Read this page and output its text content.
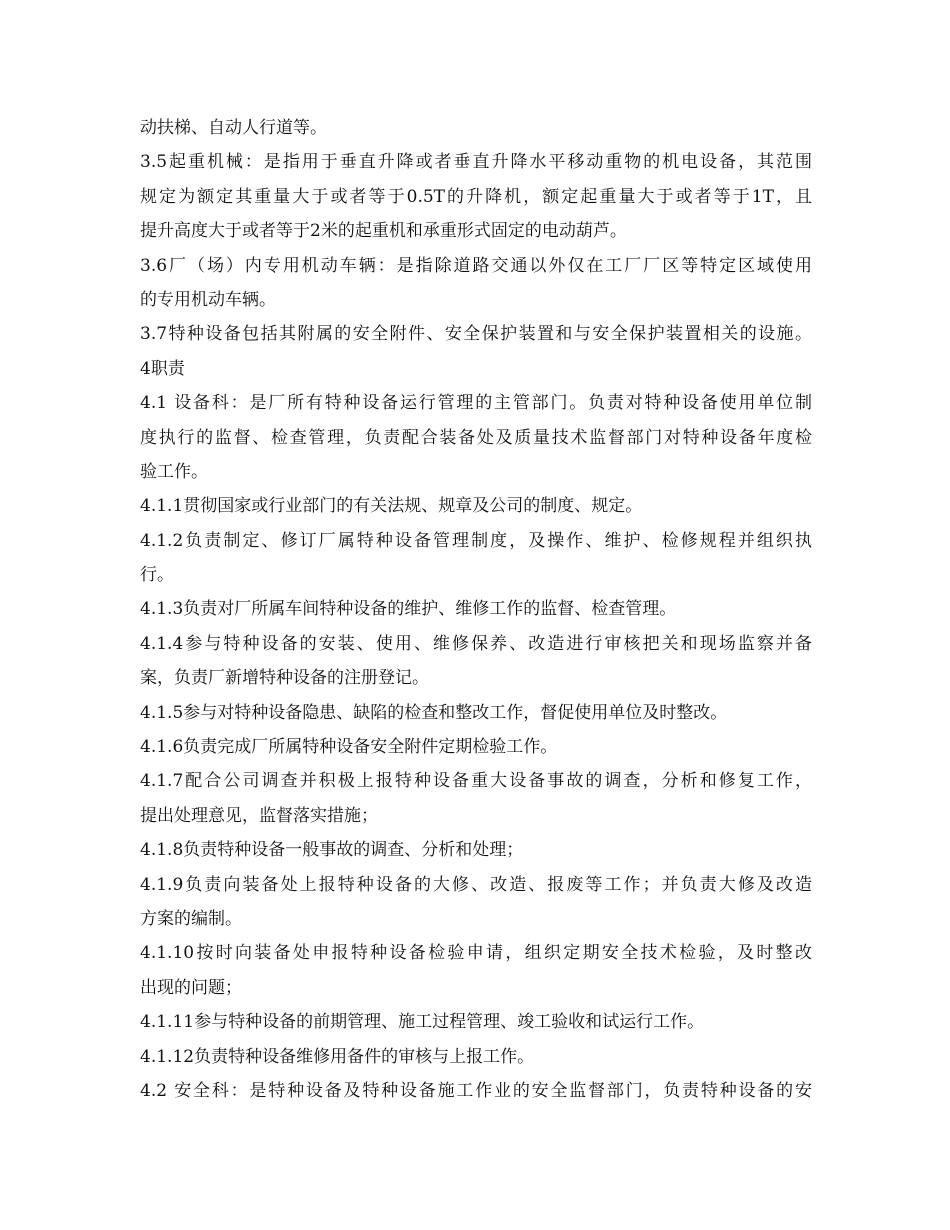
动扶梯、自动人行道等。

3.5起重机械：是指用于垂直升降或者垂直升降水平移动重物的机电设备，其范围

规定为额定其重量大于或者等于0.5T的升降机，额定起重量大于或者等于1T，且

提升高度大于或者等于2米的起重机和承重形式固定的电动葫芦。

3.6厂（场）内专用机动车辆：是指除道路交通以外仅在工厂厂区等特定区域使用

的专用机动车辆。

3.7特种设备包括其附属的安全附件、安全保护装置和与安全保护装置相关的设施。

4职责

4.1 设备科：是厂所有特种设备运行管理的主管部门。负责对特种设备使用单位制

度执行的监督、检查管理，负责配合装备处及质量技术监督部门对特种设备年度检

验工作。

4.1.1贯彻国家或行业部门的有关法规、规章及公司的制度、规定。

4.1.2负责制定、修订厂属特种设备管理制度，及操作、维护、检修规程并组织执

行。

4.1.3负责对厂所属车间特种设备的维护、维修工作的监督、检查管理。

4.1.4参与特种设备的安装、使用、维修保养、改造进行审核把关和现场监察并备

案，负责厂新增特种设备的注册登记。

4.1.5参与对特种设备隐患、缺陷的检查和整改工作，督促使用单位及时整改。

4.1.6负责完成厂所属特种设备安全附件定期检验工作。

4.1.7配合公司调查并积极上报特种设备重大设备事故的调查，分析和修复工作，

提出处理意见，监督落实措施；

4.1.8负责特种设备一般事故的调查、分析和处理；

4.1.9负责向装备处上报特种设备的大修、改造、报废等工作；并负责大修及改造

方案的编制。

4.1.10按时向装备处申报特种设备检验申请，组织定期安全技术检验，及时整改

出现的问题；

4.1.11参与特种设备的前期管理、施工过程管理、竣工验收和试运行工作。

4.1.12负责特种设备维修用备件的审核与上报工作。

4.2 安全科：是特种设备及特种设备施工作业的安全监督部门，负责特种设备的安
